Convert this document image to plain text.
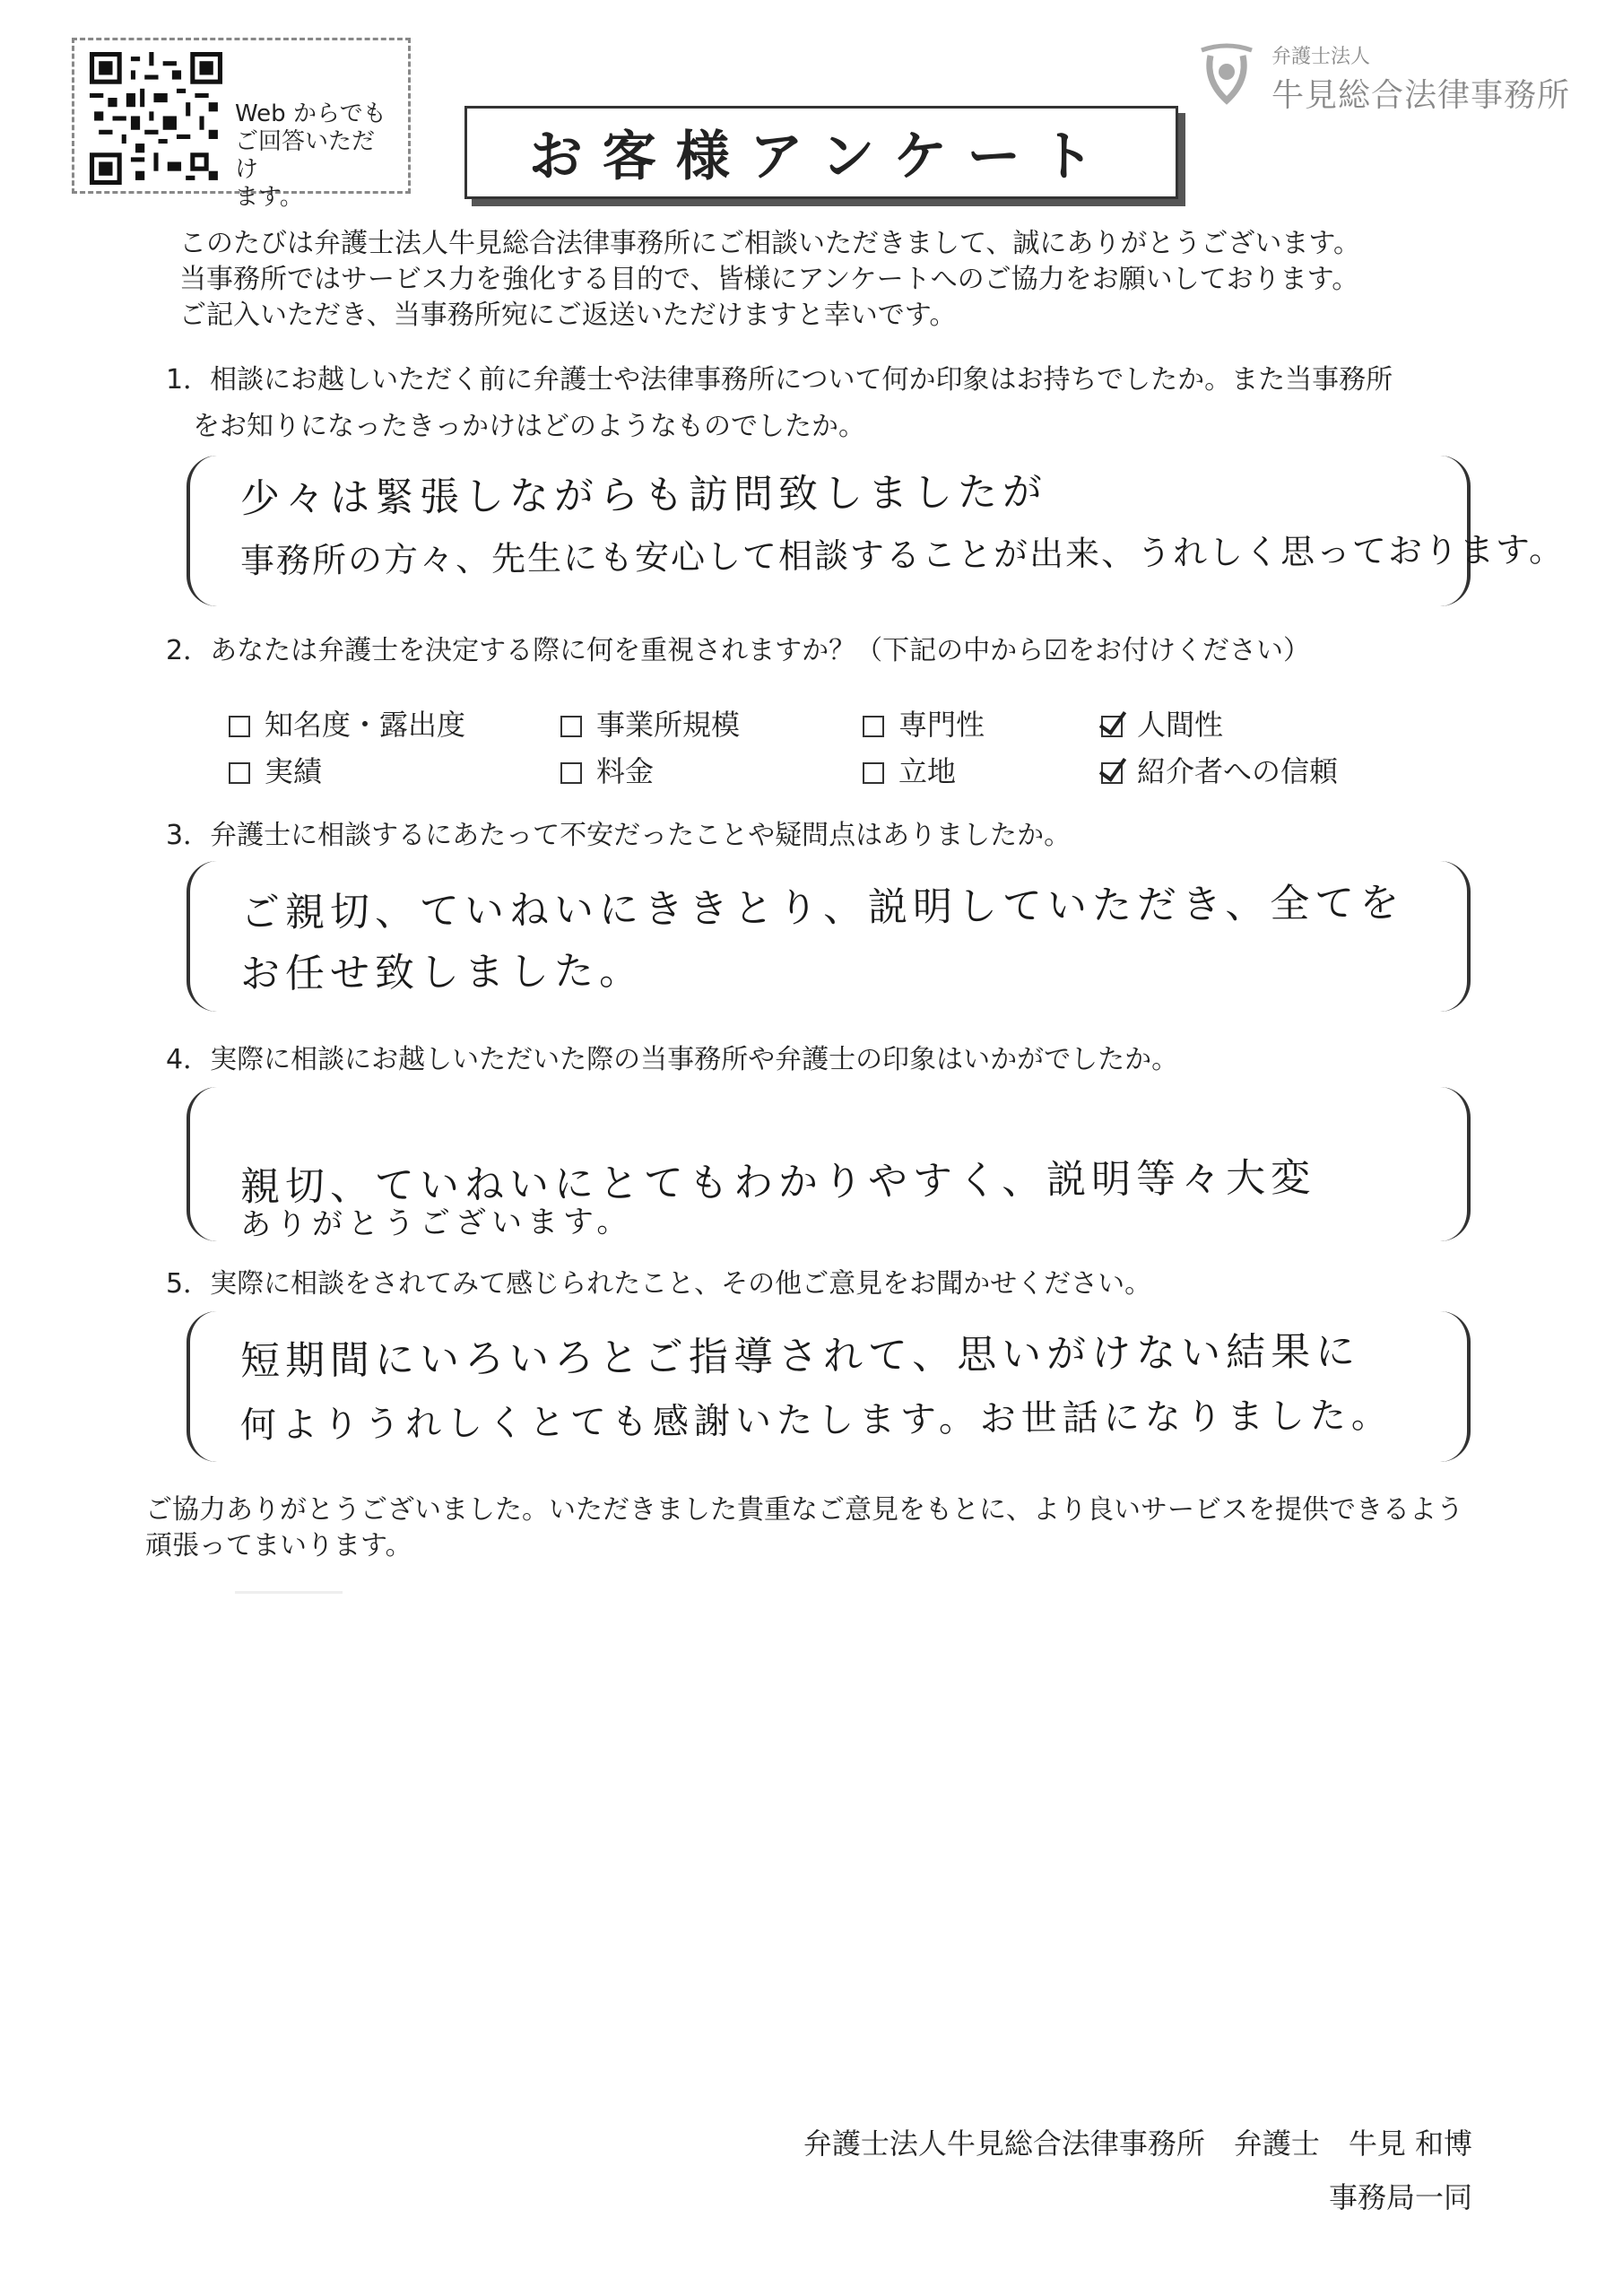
Web からでも
ご回答いただけ
ます。
お客様アンケート
弁護士法人
牛見総合法律事務所
このたびは弁護士法人牛見総合法律事務所にご相談いただきまして、誠にありがとうございます。
当事務所ではサービス力を強化する目的で、皆様にアンケートへのご協力をお願いしております。
ご記入いただき、当事務所宛にご返送いただけますと幸いです。
1．相談にお越しいただく前に弁護士や法律事務所について何か印象はお持ちでしたか。また当事務所
　をお知りになったきっかけはどのようなものでしたか。
少々は緊張しながらも訪問致しましたが
事務所の方々、先生にも安心して相談することが出来、うれしく思っております。
2．あなたは弁護士を決定する際に何を重視されますか？（下記の中から☑をお付けください）
知名度・露出度	事業所規模	専門性	人間性
実績	料金	立地	紹介者への信頼
3．弁護士に相談するにあたって不安だったことや疑問点はありましたか。
ご親切、ていねいにききとり、説明していただき、全てを
お任せ致しました。
4．実際に相談にお越しいただいた際の当事務所や弁護士の印象はいかがでしたか。
親切、ていねいにとてもわかりやすく、説明等々大変
ありがとうございます。
5．実際に相談をされてみて感じられたこと、その他ご意見をお聞かせください。
短期間にいろいろとご指導されて、思いがけない結果に
何よりうれしくとても感謝いたします。お世話になりました。
ご協力ありがとうございました。いただきました貴重なご意見をもとに、より良いサービスを提供できるよう
頑張ってまいります。
弁護士法人牛見総合法律事務所　弁護士　牛見 和博
事務局一同
